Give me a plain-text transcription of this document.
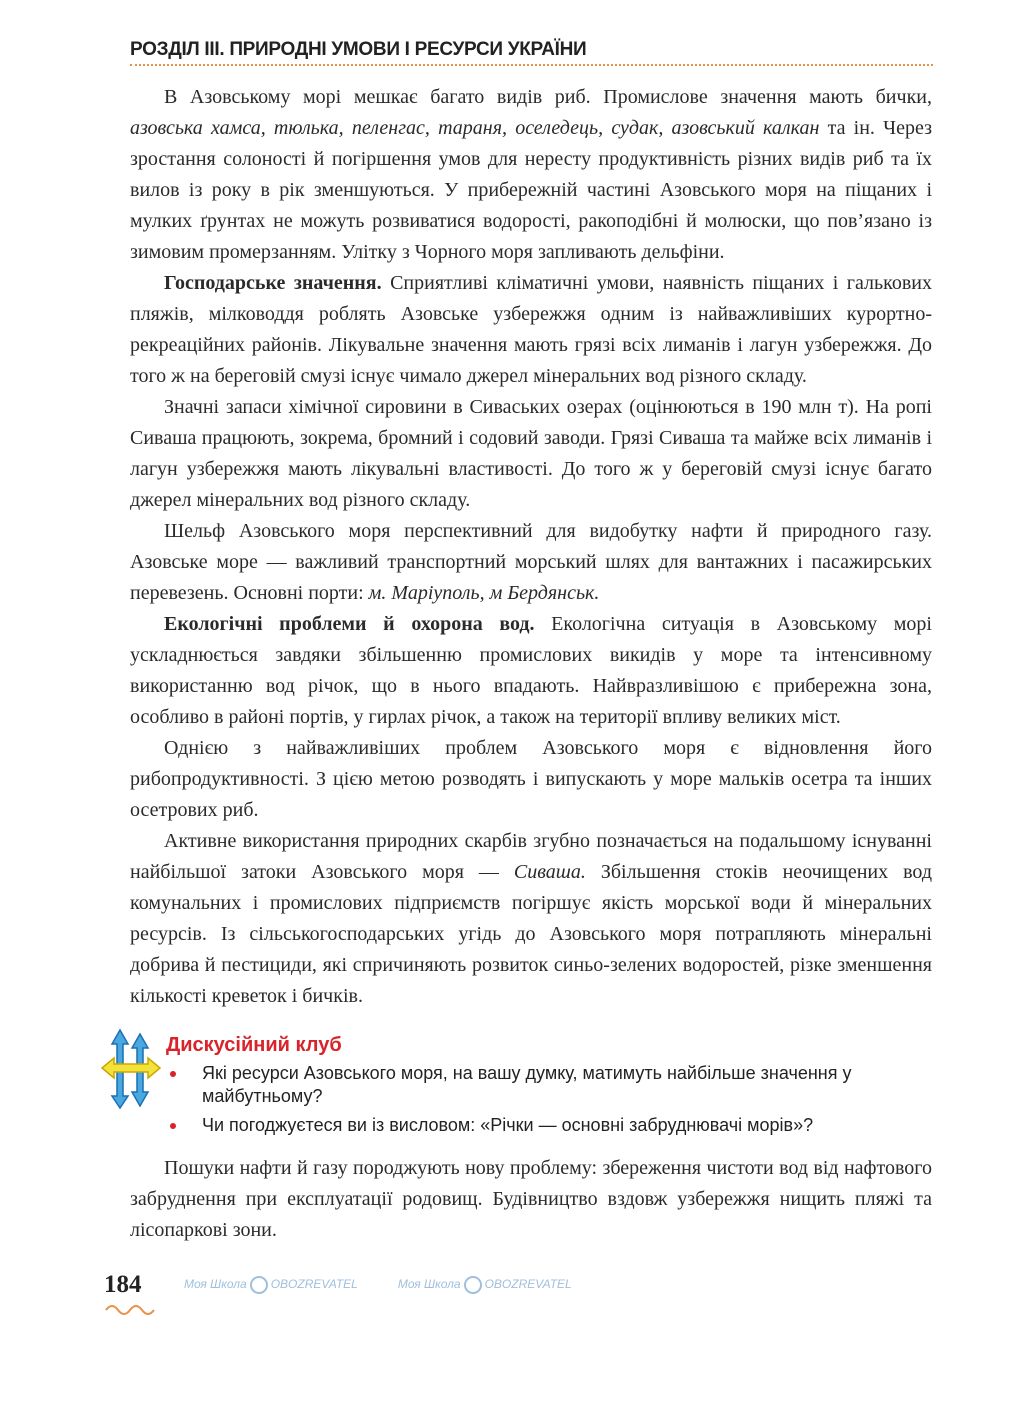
РОЗДІЛ ІІІ. ПРИРОДНІ УМОВИ І РЕСУРСИ УКРАЇНИ

В Азовському морі мешкає багато видів риб. Промислове значення мають бички, азовська хамса, тюлька, пеленгас, тараня, оселедець, судак, азовський калкан та ін. Через зростання солоності й погіршення умов для нересту продуктивність різних видів риб та їх вилов із року в рік зменшуються. У прибережній частині Азовського моря на піщаних і мулких ґрунтах не можуть розвиватися водорості, ракоподібні й молюски, що пов’язано із зимовим промерзанням. Улітку з Чорного моря запливають дельфіни.

Господарське значення. Сприятливі кліматичні умови, наявність піщаних і галькових пляжів, мілководдя роблять Азовське узбережжя одним із найважливіших курортно-рекреаційних районів. Лікувальне значення мають грязі всіх лиманів і лагун узбережжя. До того ж на береговій смузі існує чимало джерел мінеральних вод різного складу.

Значні запаси хімічної сировини в Сиваських озерах (оцінюються в 190 млн т). На ропі Сиваша працюють, зокрема, бромний і содовий заводи. Грязі Сиваша та майже всіх лиманів і лагун узбережжя мають лікувальні властивості. До того ж у береговій смузі існує багато джерел мінеральних вод різного складу.

Шельф Азовського моря перспективний для видобутку нафти й природного газу. Азовське море — важливий транспортний морський шлях для вантажних і пасажирських перевезень. Основні порти: м. Маріуполь, м Бердянськ.

Екологічні проблеми й охорона вод. Екологічна ситуація в Азовському морі ускладнюється завдяки збільшенню промислових викидів у море та інтенсивному використанню вод річок, що в нього впадають. Найвразливішою є прибережна зона, особливо в районі портів, у гирлах річок, а також на території впливу великих міст.

Однією з найважливіших проблем Азовського моря є відновлення його рибопродуктивності. З цією метою розводять і випускають у море мальків осетра та інших осетрових риб.

Активне використання природних скарбів згубно позначається на подальшому існуванні найбільшої затоки Азовського моря — Сиваша. Збільшення стоків неочищених вод комунальних і промислових підприємств погіршує якість морської води й мінеральних ресурсів. Із сільськогосподарських угідь до Азовського моря потрапляють мінеральні добрива й пестициди, які спричиняють розвиток синьо-зелених водоростей, різке зменшення кількості креветок і бичків.

Дискусійний клуб
Які ресурси Азовського моря, на вашу думку, матимуть найбільше значення у майбутньому?
Чи погоджуєтеся ви із висловом: «Річки — основні забруднювачі морів»?

Пошуки нафти й газу породжують нову проблему: збереження чистоти вод від нафтового забруднення при експлуатації родовищ. Будівництво вздовж узбережжя нищить пляжі та лісопаркові зони.

184	Моя Школа OBOZREVATEL	Моя Школа OBOZREVATEL
